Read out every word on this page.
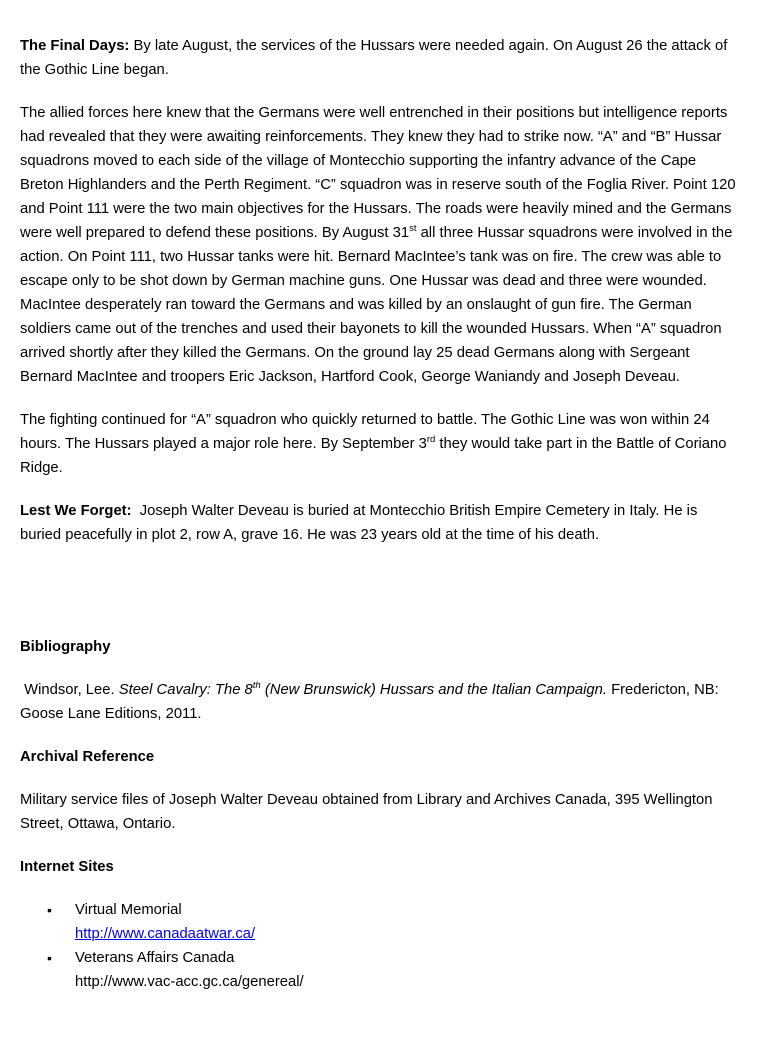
The Final Days: By late August, the services of the Hussars were needed again. On August 26 the attack of the Gothic Line began.

The allied forces here knew that the Germans were well entrenched in their positions but intelligence reports had revealed that they were awaiting reinforcements. They knew they had to strike now. “A” and “B” Hussar squadrons moved to each side of the village of Montecchio supporting the infantry advance of the Cape Breton Highlanders and the Perth Regiment. “C” squadron was in reserve south of the Foglia River. Point 120 and Point 111 were the two main objectives for the Hussars. The roads were heavily mined and the Germans were well prepared to defend these positions. By August 31st all three Hussar squadrons were involved in the action. On Point 111, two Hussar tanks were hit. Bernard MacIntee’s tank was on fire. The crew was able to escape only to be shot down by German machine guns. One Hussar was dead and three were wounded. MacIntee desperately ran toward the Germans and was killed by an onslaught of gun fire. The German soldiers came out of the trenches and used their bayonets to kill the wounded Hussars. When “A” squadron arrived shortly after they killed the Germans. On the ground lay 25 dead Germans along with Sergeant Bernard MacIntee and troopers Eric Jackson, Hartford Cook, George Waniandy and Joseph Deveau.

The fighting continued for “A” squadron who quickly returned to battle. The Gothic Line was won within 24 hours. The Hussars played a major role here. By September 3rd they would take part in the Battle of Coriano Ridge.

Lest We Forget:  Joseph Walter Deveau is buried at Montecchio British Empire Cemetery in Italy. He is buried peacefully in plot 2, row A, grave 16. He was 23 years old at the time of his death.

Bibliography

Windsor, Lee. Steel Cavalry: The 8th (New Brunswick) Hussars and the Italian Campaign. Fredericton, NB: Goose Lane Editions, 2011.

Archival Reference

Military service files of Joseph Walter Deveau obtained from Library and Archives Canada, 395 Wellington Street, Ottawa, Ontario.

Internet Sites

• Virtual Memorial
http://www.canadaatwar.ca/
• Veterans Affairs Canada
http://www.vac-acc.gc.ca/genereal/
